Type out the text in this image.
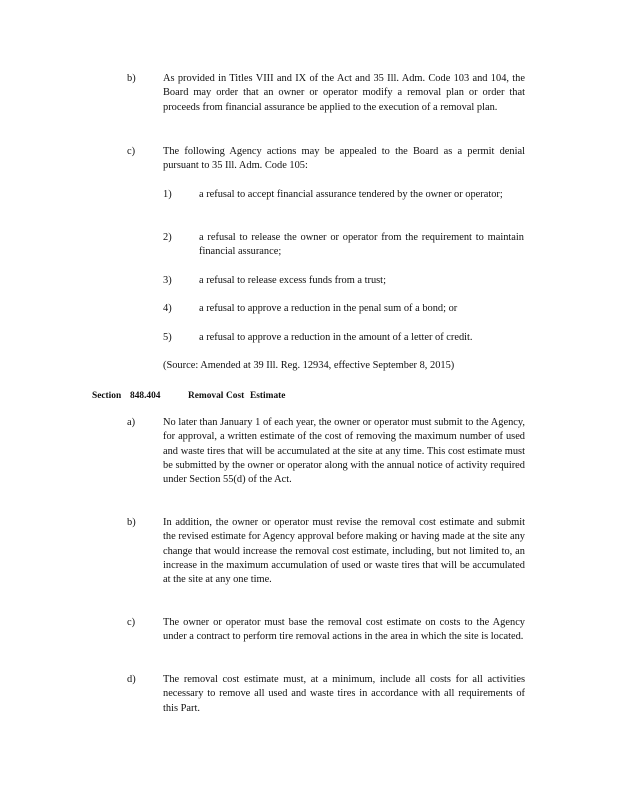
b)	As provided in Titles VIII and IX of the Act and 35 Ill. Adm. Code 103 and 104, the Board may order that an owner or operator modify a removal plan or order that proceeds from financial assurance be applied to the execution of a removal plan.
c)	The following Agency actions may be appealed to the Board as a permit denial pursuant to 35 Ill. Adm. Code 105:
1)	a refusal to accept financial assurance tendered by the owner or operator;
2)	a refusal to release the owner or operator from the requirement to maintain financial assurance;
3)	a refusal to release excess funds from a trust;
4)	a refusal to approve a reduction in the penal sum of a bond; or
5)	a refusal to approve a reduction in the amount of a letter of credit.
(Source: Amended at 39 Ill. Reg. 12934, effective September 8, 2015)
Section 848.404	Removal Cost Estimate
a)	No later than January 1 of each year, the owner or operator must submit to the Agency, for approval, a written estimate of the cost of removing the maximum number of used and waste tires that will be accumulated at the site at any time. This cost estimate must be submitted by the owner or operator along with the annual notice of activity required under Section 55(d) of the Act.
b)	In addition, the owner or operator must revise the removal cost estimate and submit the revised estimate for Agency approval before making or having made at the site any change that would increase the removal cost estimate, including, but not limited to, an increase in the maximum accumulation of used or waste tires that will be accumulated at the site at any one time.
c)	The owner or operator must base the removal cost estimate on costs to the Agency under a contract to perform tire removal actions in the area in which the site is located.
d)	The removal cost estimate must, at a minimum, include all costs for all activities necessary to remove all used and waste tires in accordance with all requirements of this Part.
